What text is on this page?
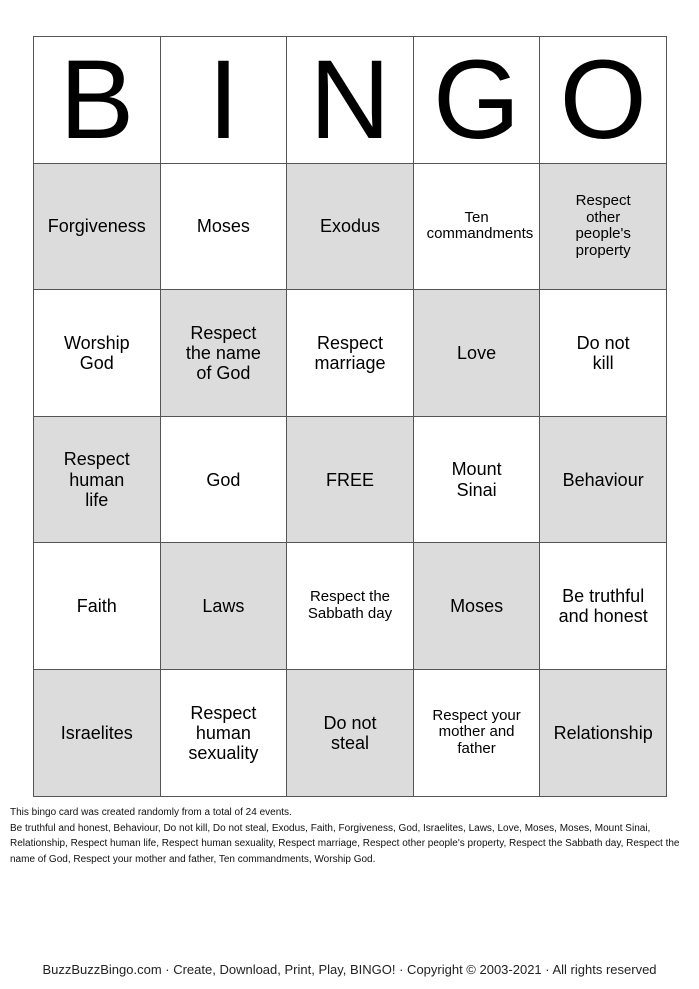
B	I	N	G	O
Forgiveness	Moses	Exodus	Ten commandments	Respect other people's property
Worship God	Respect the name of God	Respect marriage	Love	Do not kill
Respect human life	God	FREE	Mount Sinai	Behaviour
Faith	Laws	Respect the Sabbath day	Moses	Be truthful and honest
Israelites	Respect human sexuality	Do not steal	Respect your mother and father	Relationship
This bingo card was created randomly from a total of 24 events.
Be truthful and honest, Behaviour, Do not kill, Do not steal, Exodus, Faith, Forgiveness, God, Israelites, Laws, Love, Moses, Moses, Mount Sinai, Relationship, Respect human life, Respect human sexuality, Respect marriage, Respect other people's property, Respect the Sabbath day, Respect the name of God, Respect your mother and father, Ten commandments, Worship God.
BuzzBuzzBingo.com · Create, Download, Print, Play, BINGO! · Copyright © 2003-2021 · All rights reserved
